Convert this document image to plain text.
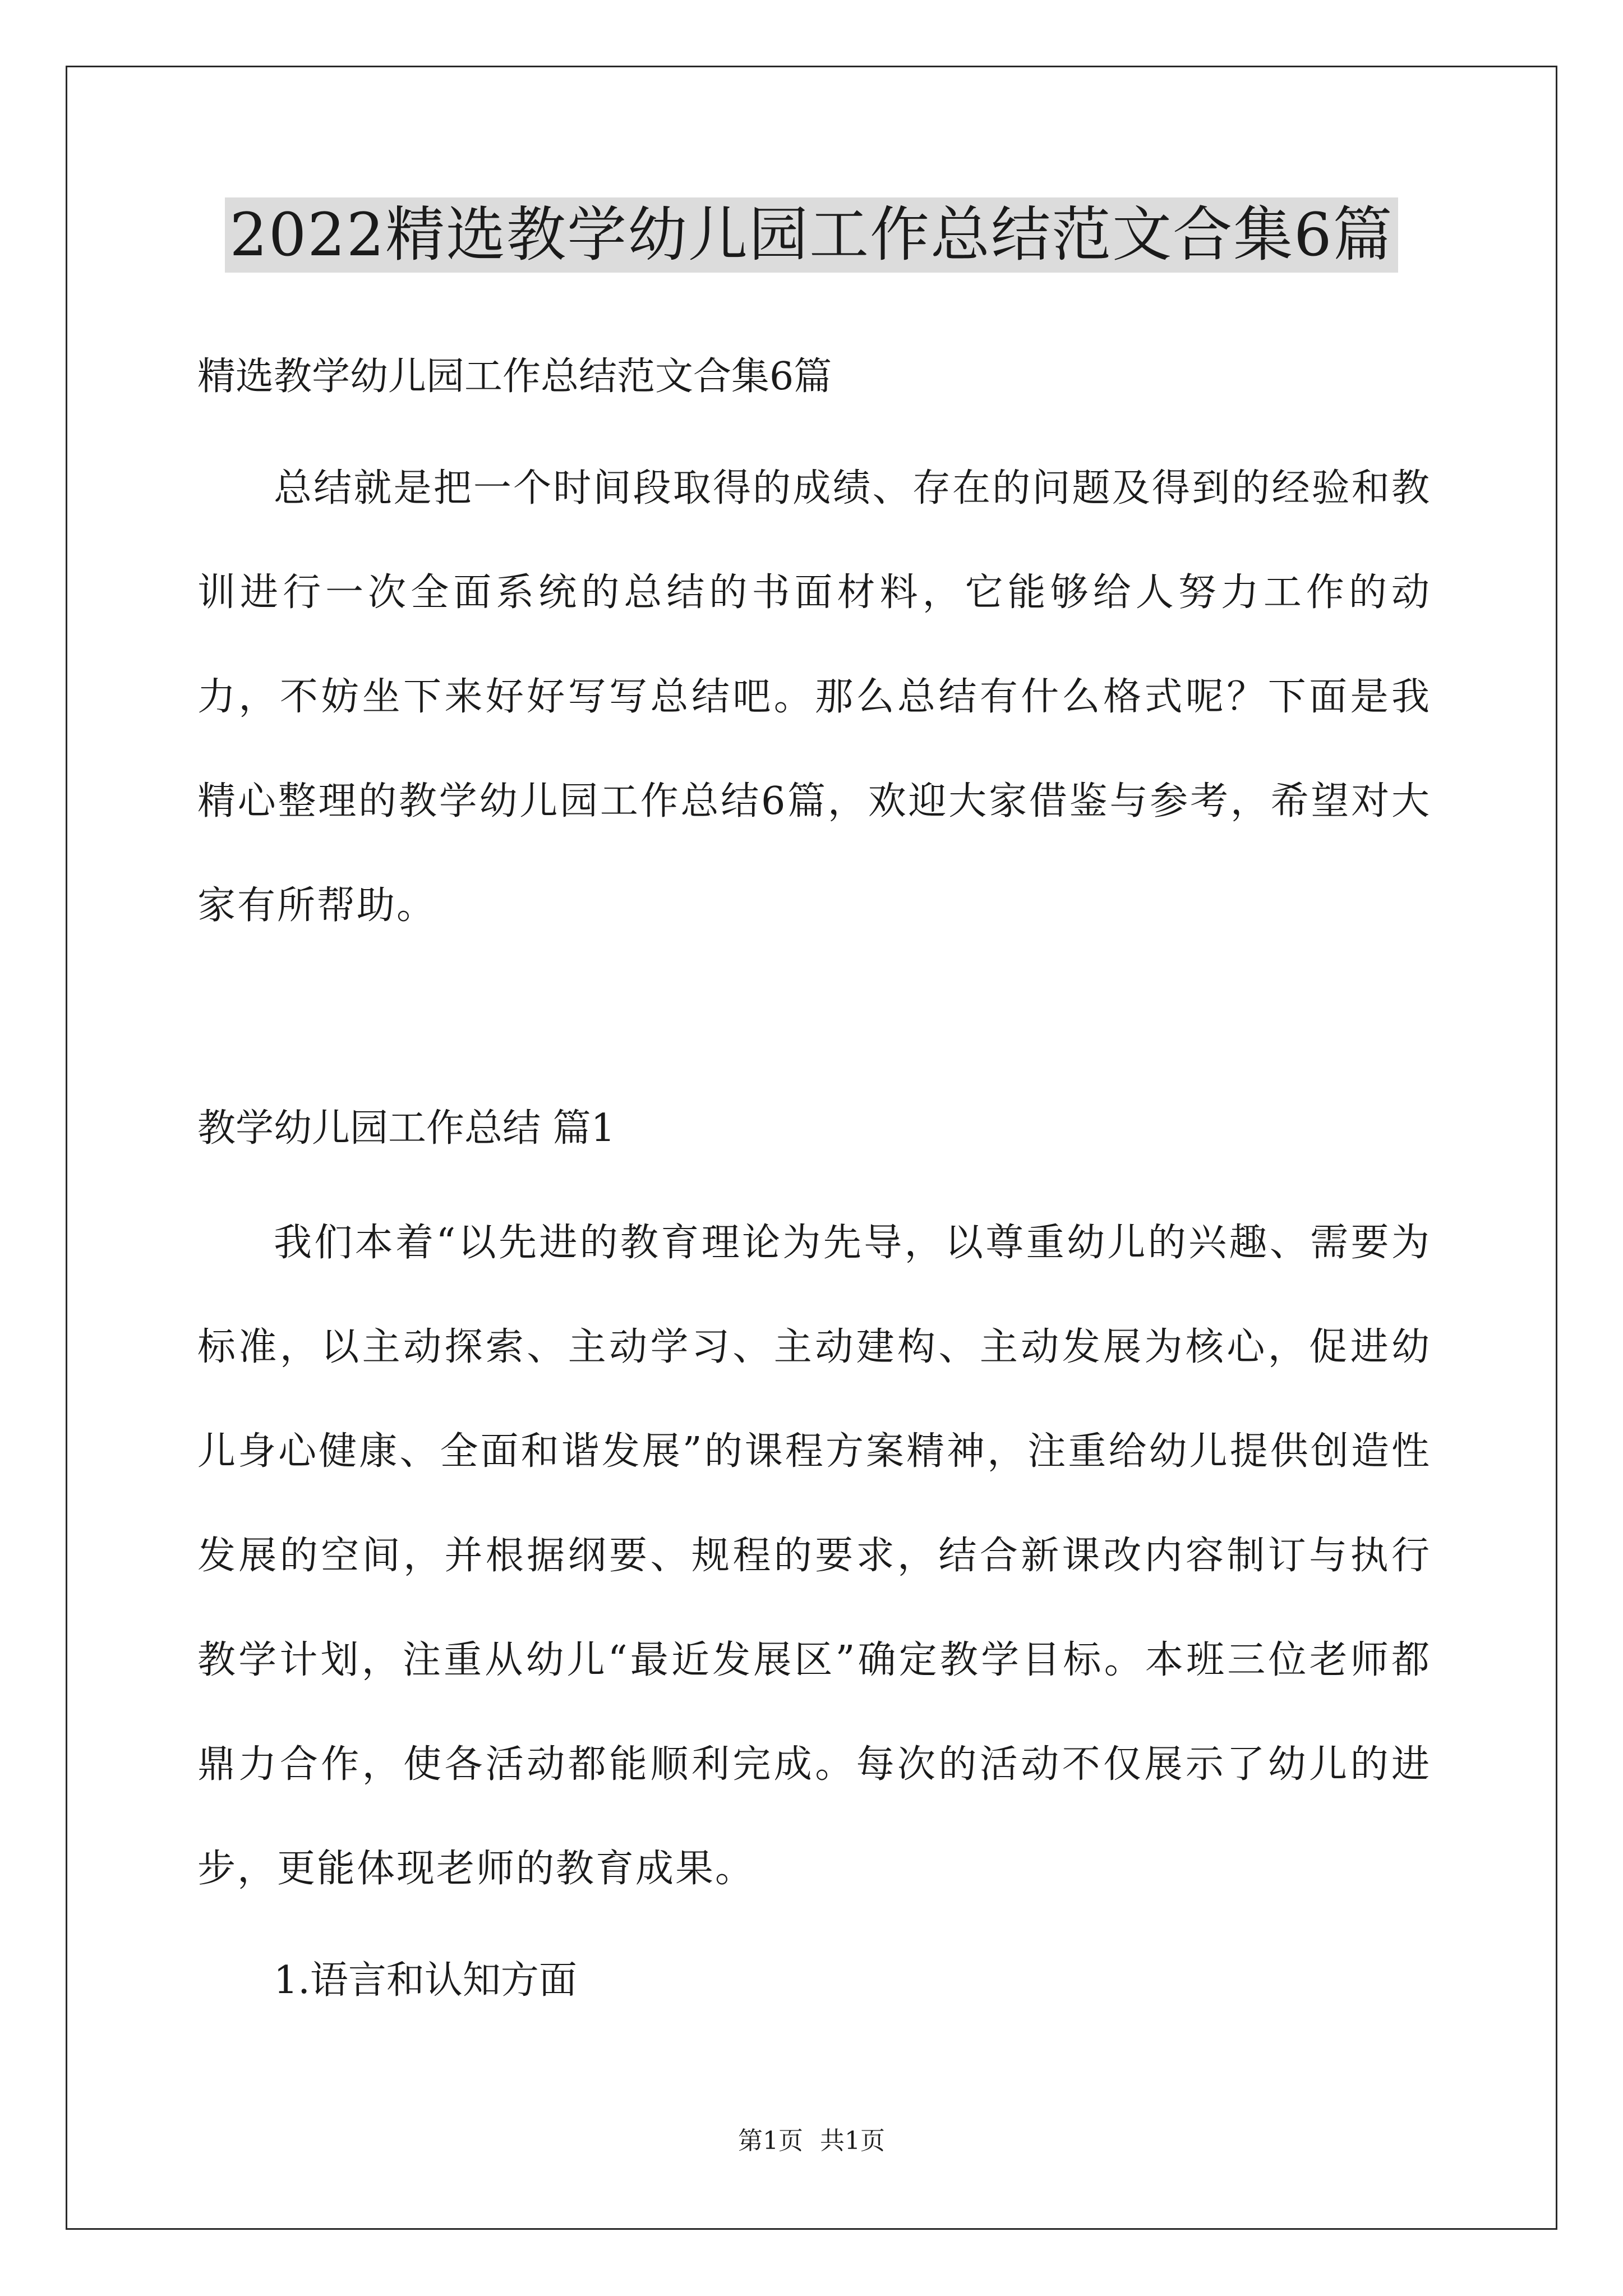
2022精选教学幼儿园工作总结范文合集6篇
精选教学幼儿园工作总结范文合集6篇
总结就是把一个时间段取得的成绩、存在的问题及得到的经验和教训进行一次全面系统的总结的书面材料，它能够给人努力工作的动力，不妨坐下来好好写写总结吧。那么总结有什么格式呢？下面是我精心整理的教学幼儿园工作总结6篇，欢迎大家借鉴与参考，希望对大家有所帮助。
教学幼儿园工作总结 篇1
我们本着“以先进的教育理论为先导，以尊重幼儿的兴趣、需要为标准，以主动探索、主动学习、主动建构、主动发展为核心，促进幼儿身心健康、全面和谐发展”的课程方案精神，注重给幼儿提供创造性发展的空间，并根据纲要、规程的要求，结合新课改内容制订与执行教学计划，注重从幼儿“最近发展区”确定教学目标。本班三位老师都鼎力合作，使各活动都能顺利完成。每次的活动不仅展示了幼儿的进步，更能体现老师的教育成果。
1.语言和认知方面
第1页 共1页
